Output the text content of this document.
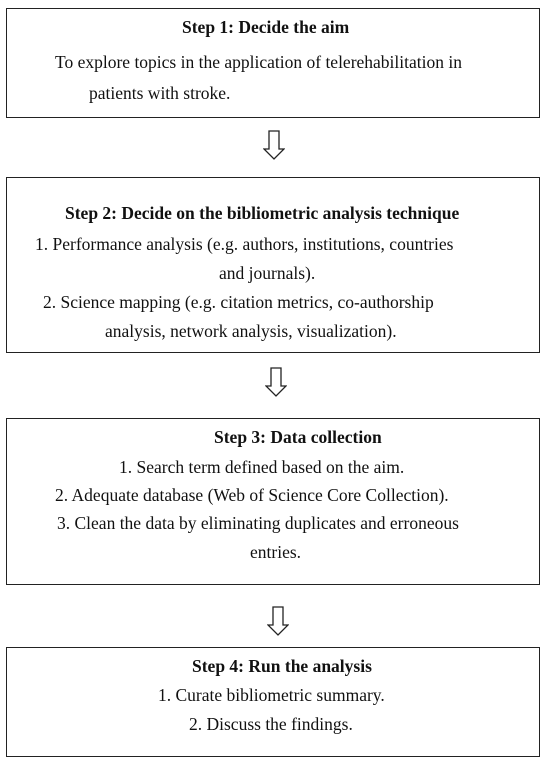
Step 1: Decide the aim
To explore topics in the application of telerehabilitation in
patients with stroke.
Step 2: Decide on the bibliometric analysis technique
1. Performance analysis (e.g. authors, institutions, countries
and journals).
2. Science mapping (e.g. citation metrics, co-authorship
analysis, network analysis, visualization).
Step 3: Data collection
1. Search term defined based on the aim.
2. Adequate database (Web of Science Core Collection).
3. Clean the data by eliminating duplicates and erroneous
entries.
Step 4: Run the analysis
1. Curate bibliometric summary.
2. Discuss the findings.
